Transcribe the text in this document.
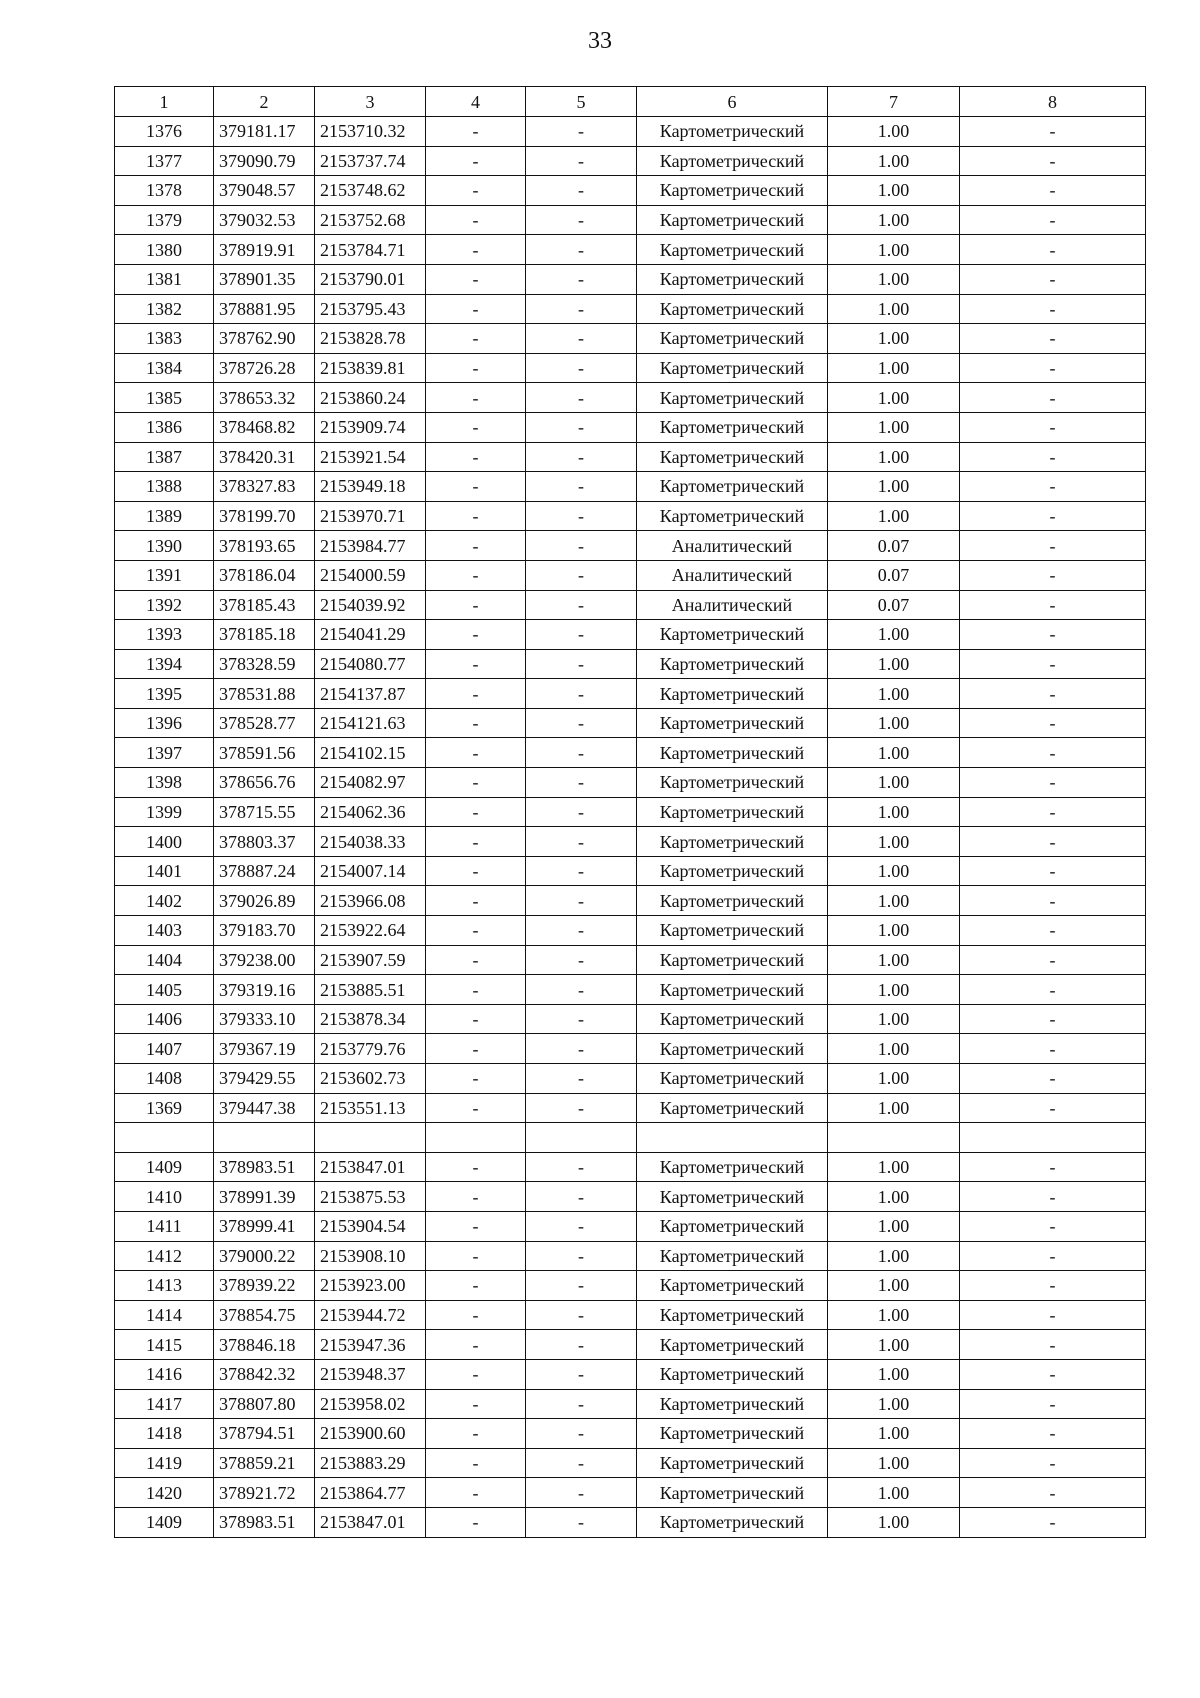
33
1	2	3	4	5	6	7	8
1376	379181.17	2153710.32	-	-	Картометрический	1.00	-
1377	379090.79	2153737.74	-	-	Картометрический	1.00	-
1378	379048.57	2153748.62	-	-	Картометрический	1.00	-
1379	379032.53	2153752.68	-	-	Картометрический	1.00	-
1380	378919.91	2153784.71	-	-	Картометрический	1.00	-
1381	378901.35	2153790.01	-	-	Картометрический	1.00	-
1382	378881.95	2153795.43	-	-	Картометрический	1.00	-
1383	378762.90	2153828.78	-	-	Картометрический	1.00	-
1384	378726.28	2153839.81	-	-	Картометрический	1.00	-
1385	378653.32	2153860.24	-	-	Картометрический	1.00	-
1386	378468.82	2153909.74	-	-	Картометрический	1.00	-
1387	378420.31	2153921.54	-	-	Картометрический	1.00	-
1388	378327.83	2153949.18	-	-	Картометрический	1.00	-
1389	378199.70	2153970.71	-	-	Картометрический	1.00	-
1390	378193.65	2153984.77	-	-	Аналитический	0.07	-
1391	378186.04	2154000.59	-	-	Аналитический	0.07	-
1392	378185.43	2154039.92	-	-	Аналитический	0.07	-
1393	378185.18	2154041.29	-	-	Картометрический	1.00	-
1394	378328.59	2154080.77	-	-	Картометрический	1.00	-
1395	378531.88	2154137.87	-	-	Картометрический	1.00	-
1396	378528.77	2154121.63	-	-	Картометрический	1.00	-
1397	378591.56	2154102.15	-	-	Картометрический	1.00	-
1398	378656.76	2154082.97	-	-	Картометрический	1.00	-
1399	378715.55	2154062.36	-	-	Картометрический	1.00	-
1400	378803.37	2154038.33	-	-	Картометрический	1.00	-
1401	378887.24	2154007.14	-	-	Картометрический	1.00	-
1402	379026.89	2153966.08	-	-	Картометрический	1.00	-
1403	379183.70	2153922.64	-	-	Картометрический	1.00	-
1404	379238.00	2153907.59	-	-	Картометрический	1.00	-
1405	379319.16	2153885.51	-	-	Картометрический	1.00	-
1406	379333.10	2153878.34	-	-	Картометрический	1.00	-
1407	379367.19	2153779.76	-	-	Картометрический	1.00	-
1408	379429.55	2153602.73	-	-	Картометрический	1.00	-
1369	379447.38	2153551.13	-	-	Картометрический	1.00	-

1409	378983.51	2153847.01	-	-	Картометрический	1.00	-
1410	378991.39	2153875.53	-	-	Картометрический	1.00	-
1411	378999.41	2153904.54	-	-	Картометрический	1.00	-
1412	379000.22	2153908.10	-	-	Картометрический	1.00	-
1413	378939.22	2153923.00	-	-	Картометрический	1.00	-
1414	378854.75	2153944.72	-	-	Картометрический	1.00	-
1415	378846.18	2153947.36	-	-	Картометрический	1.00	-
1416	378842.32	2153948.37	-	-	Картометрический	1.00	-
1417	378807.80	2153958.02	-	-	Картометрический	1.00	-
1418	378794.51	2153900.60	-	-	Картометрический	1.00	-
1419	378859.21	2153883.29	-	-	Картометрический	1.00	-
1420	378921.72	2153864.77	-	-	Картометрический	1.00	-
1409	378983.51	2153847.01	-	-	Картометрический	1.00	-
